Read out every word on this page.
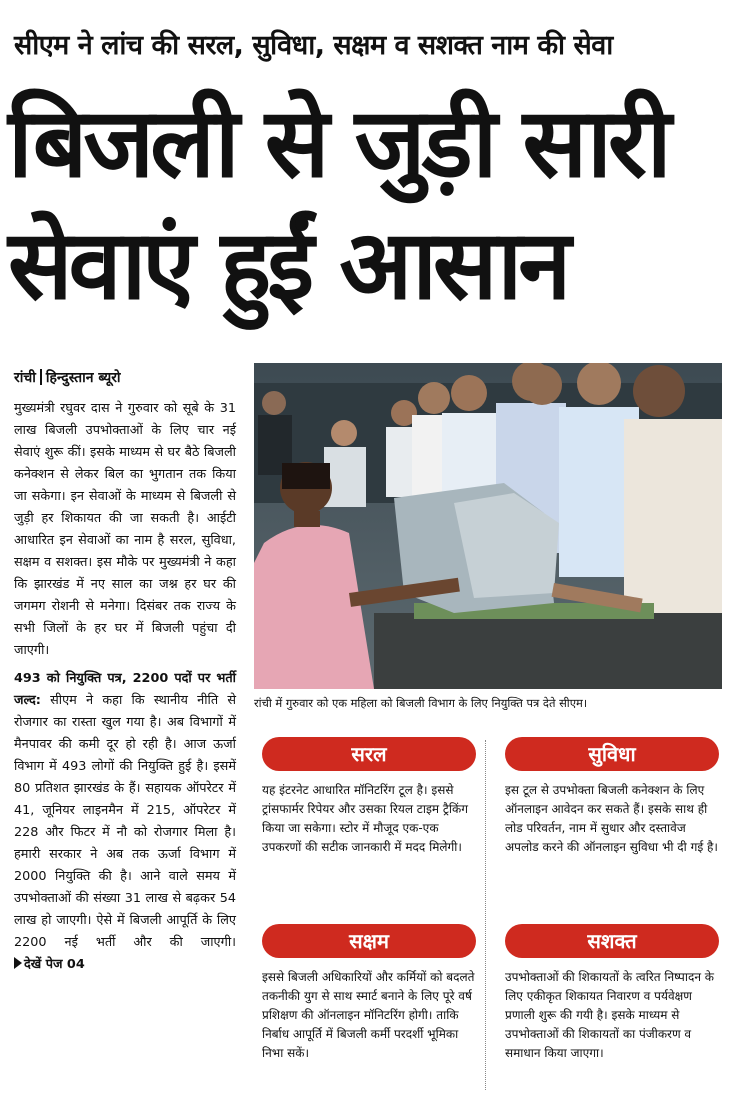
सीएम ने लांच की सरल, सुविधा, सक्षम व सशक्त नाम की सेवा
बिजली से जुड़ी सारी
सेवाएं हुईं आसान
रांची हिन्दुस्तान ब्यूरो

मुख्यमंत्री रघुवर दास ने गुरुवार को सूबे के 31 लाख बिजली उपभोक्ताओं के लिए चार नई सेवाएं शुरू कीं। इसके माध्यम से घर बैठे बिजली कनेक्शन से लेकर बिल का भुगतान तक किया जा सकेगा। इन सेवाओं के माध्यम से बिजली से जुड़ी हर शिकायत की जा सकती है। आईटी आधारित इन सेवाओं का नाम है सरल, सुविधा, सक्षम व सशक्त। इस मौके पर मुख्यमंत्री ने कहा कि झारखंड में नए साल का जश्न हर घर की जगमग रोशनी से मनेगा। दिसंबर तक राज्य के सभी जिलों के हर घर में बिजली पहुंचा दी जाएगी।

493 को नियुक्ति पत्र, 2200 पदों पर भर्ती जल्द: सीएम ने कहा कि स्थानीय नीति से रोजगार का रास्ता खुल गया है। अब विभागों में मैनपावर की कमी दूर हो रही है। आज ऊर्जा विभाग में 493 लोगों की नियुक्ति हुई है। इसमें 80 प्रतिशत झारखंड के हैं। सहायक ऑपरेटर में 41, जूनियर लाइनमैन में 215, ऑपरेटर में 228 और फिटर में नौ को रोजगार मिला है। हमारी सरकार ने अब तक ऊर्जा विभाग में 2000 नियुक्ति की है। आने वाले समय में उपभोक्ताओं की संख्या 31 लाख से बढ़कर 54 लाख हो जाएगी। ऐसे में बिजली आपूर्ति के लिए 2200 नई भर्ती और की जाएगी। देखें पेज 04

रांची में गुरुवार को एक महिला को बिजली विभाग के लिए नियुक्ति पत्र देते सीएम।
सरल
यह इंटरनेट आधारित मॉनिटरिंग टूल है। इससे ट्रांसफार्मर रिपेयर और उसका रियल टाइम ट्रैकिंग किया जा सकेगा। स्टोर में मौजूद एक-एक उपकरणों की सटीक जानकारी में मदद मिलेगी।
सुविधा
इस टूल से उपभोक्ता बिजली कनेक्शन के लिए ऑनलाइन आवेदन कर सकते हैं। इसके साथ ही लोड परिवर्तन, नाम में सुधार और दस्तावेज अपलोड करने की ऑनलाइन सुविधा भी दी गई है।
सक्षम
इससे बिजली अधिकारियों और कर्मियों को बदलते तकनीकी युग से साथ स्मार्ट बनाने के लिए पूरे वर्ष प्रशिक्षण की ऑनलाइन मॉनिटरिंग होगी। ताकि निर्बाध आपूर्ति में बिजली कर्मी परदर्शी भूमिका निभा सकें।
सशक्त
उपभोक्ताओं की शिकायतों के त्वरित निष्पादन के लिए एकीकृत शिकायत निवारण व पर्यवेक्षण प्रणाली शुरू की गयी है। इसके माध्यम से उपभोक्ताओं की शिकायतों का पंजीकरण व समाधान किया जाएगा।
